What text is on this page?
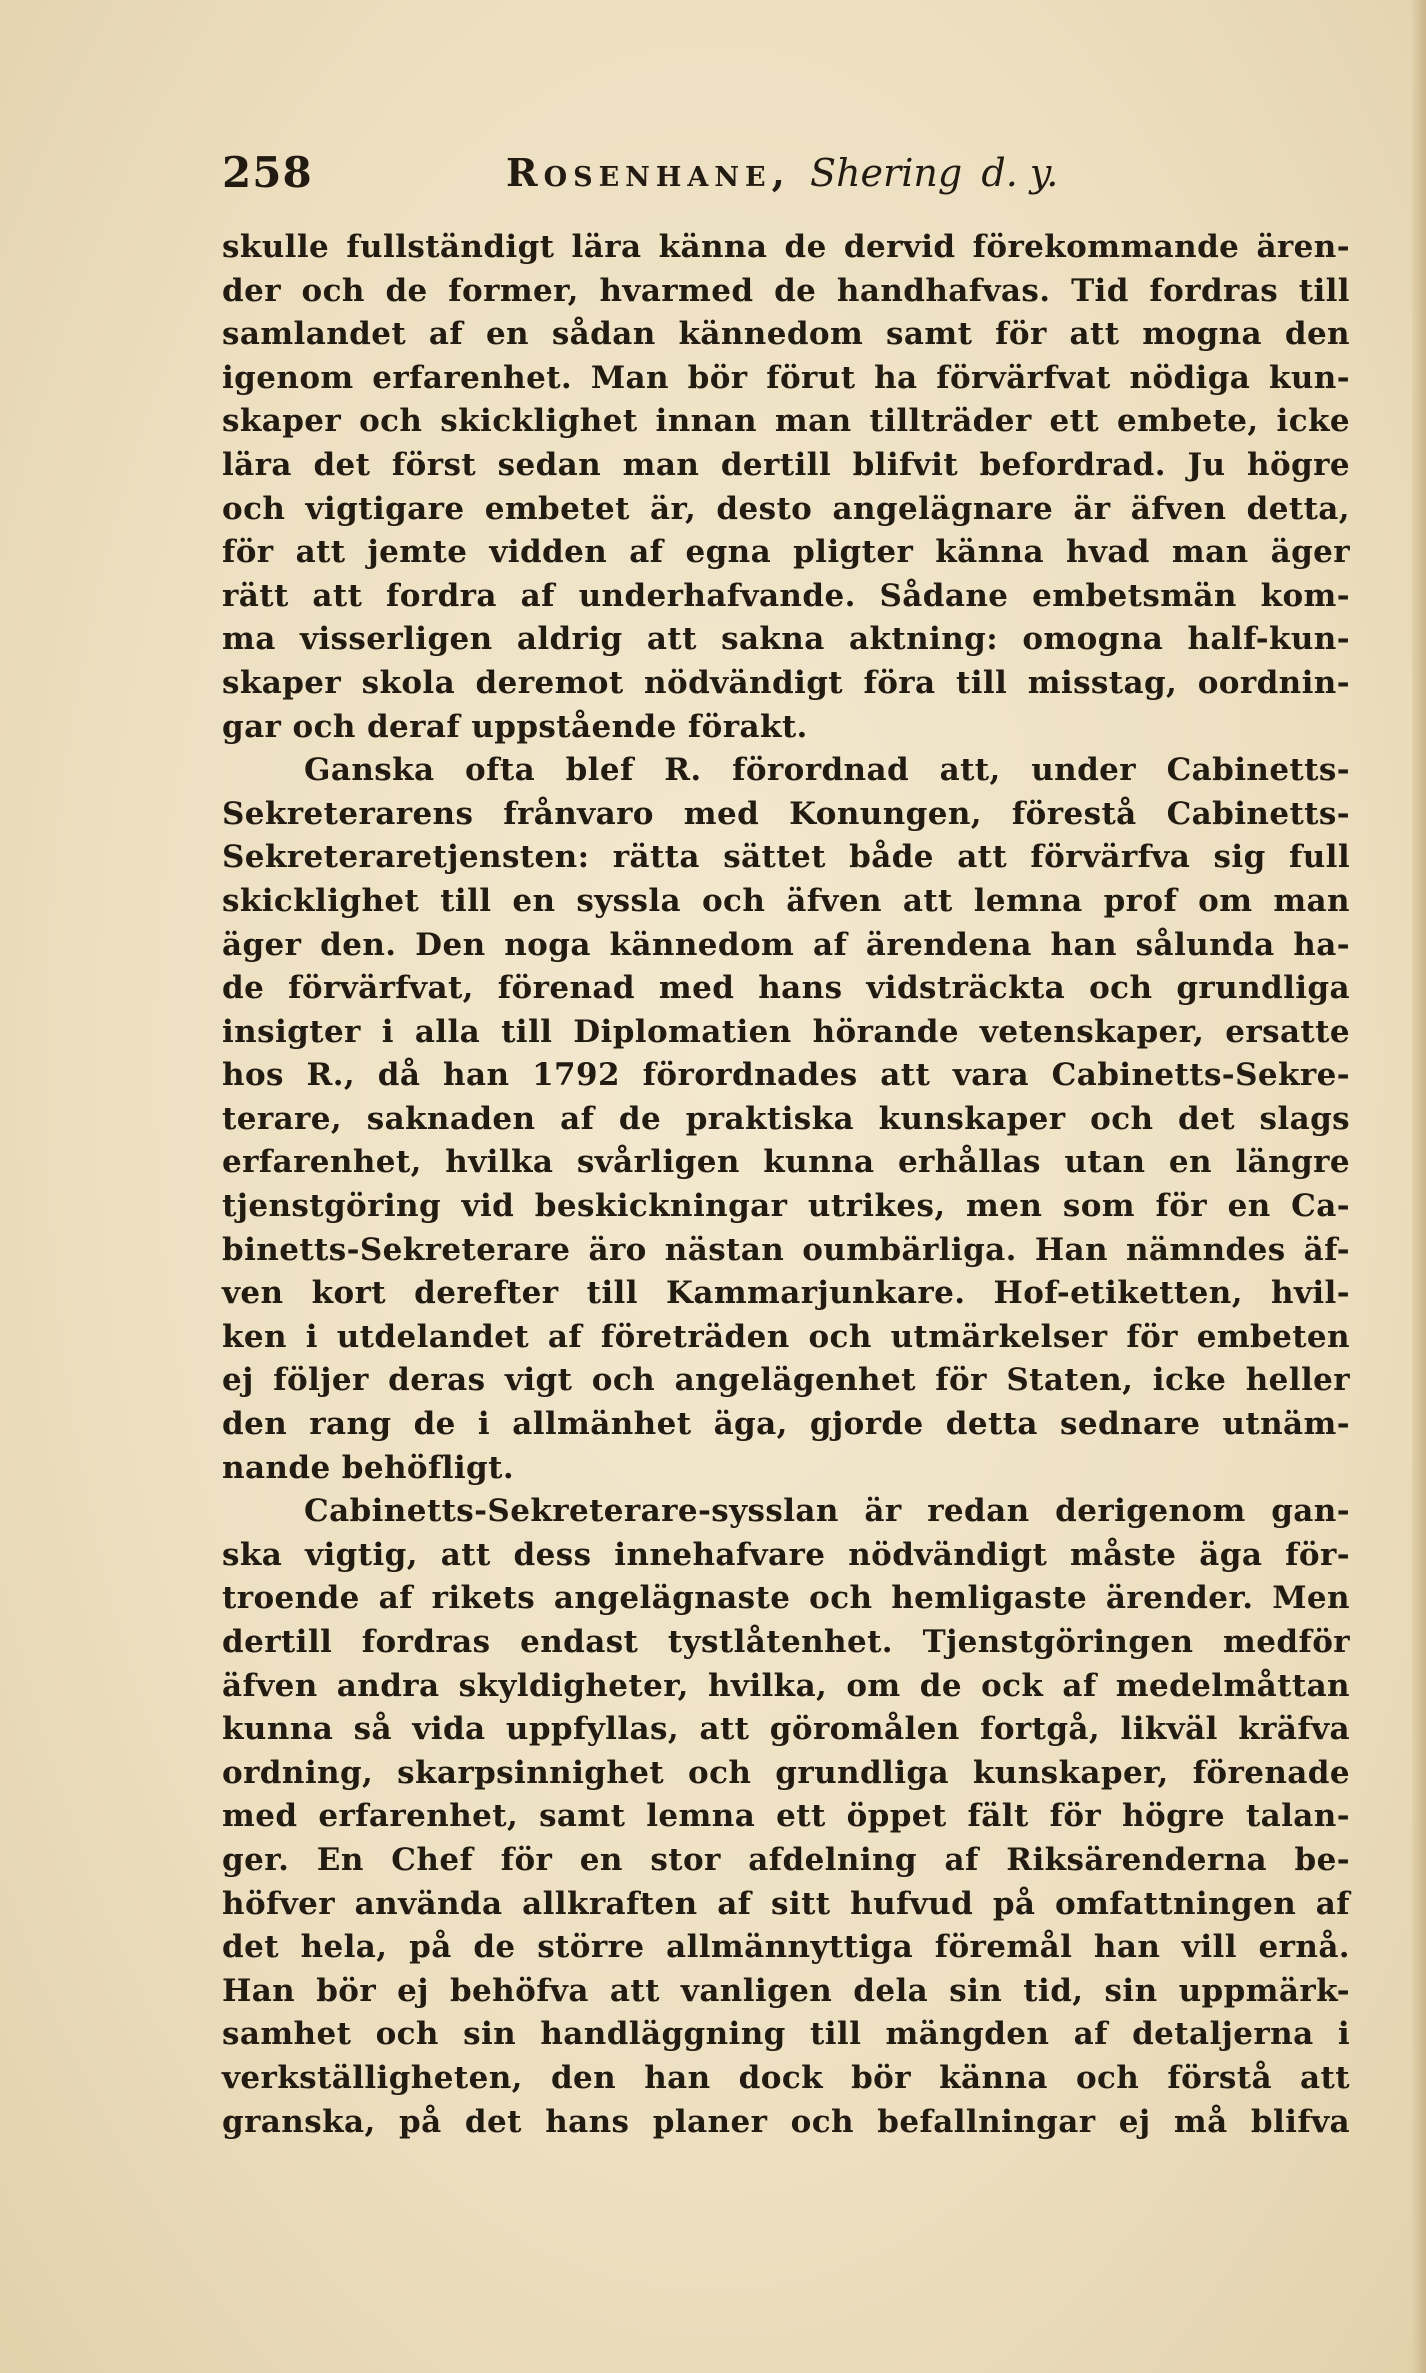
258	Rosenhane, Shering d. y.
skulle fullständigt lära känna de dervid förekommande ären-
der och de former, hvarmed de handhafvas. Tid fordras till
samlandet af en sådan kännedom samt för att mogna den
igenom erfarenhet. Man bör förut ha förvärfvat nödiga kun-
skaper och skicklighet innan man tillträder ett embete, icke
lära det först sedan man dertill blifvit befordrad. Ju högre
och vigtigare embetet är, desto angelägnare är äfven detta,
för att jemte vidden af egna pligter känna hvad man äger
rätt att fordra af underhafvande. Sådane embetsmän kom-
ma visserligen aldrig att sakna aktning: omogna half-kun-
skaper skola deremot nödvändigt föra till misstag, oordnin-
gar och deraf uppstående förakt.
Ganska ofta blef R. förordnad att, under Cabinetts-
Sekreterarens frånvaro med Konungen, förestå Cabinetts-
Sekreteraretjensten: rätta sättet både att förvärfva sig full
skicklighet till en syssla och äfven att lemna prof om man
äger den. Den noga kännedom af ärendena han sålunda ha-
de förvärfvat, förenad med hans vidsträckta och grundliga
insigter i alla till Diplomatien hörande vetenskaper, ersatte
hos R., då han 1792 förordnades att vara Cabinetts-Sekre-
terare, saknaden af de praktiska kunskaper och det slags
erfarenhet, hvilka svårligen kunna erhållas utan en längre
tjenstgöring vid beskickningar utrikes, men som för en Ca-
binetts-Sekreterare äro nästan oumbärliga. Han nämndes äf-
ven kort derefter till Kammarjunkare. Hof-etiketten, hvil-
ken i utdelandet af företräden och utmärkelser för embeten
ej följer deras vigt och angelägenhet för Staten, icke heller
den rang de i allmänhet äga, gjorde detta sednare utnäm-
nande behöfligt.
Cabinetts-Sekreterare-sysslan är redan derigenom gan-
ska vigtig, att dess innehafvare nödvändigt måste äga för-
troende af rikets angelägnaste och hemligaste ärender. Men
dertill fordras endast tystlåtenhet. Tjenstgöringen medför
äfven andra skyldigheter, hvilka, om de ock af medelmåttan
kunna så vida uppfyllas, att göromålen fortgå, likväl kräfva
ordning, skarpsinnighet och grundliga kunskaper, förenade
med erfarenhet, samt lemna ett öppet fält för högre talan-
ger. En Chef för en stor afdelning af Riksärenderna be-
höfver använda allkraften af sitt hufvud på omfattningen af
det hela, på de större allmännyttiga föremål han vill ernå.
Han bör ej behöfva att vanligen dela sin tid, sin uppmärk-
samhet och sin handläggning till mängden af detaljerna i
verkställigheten, den han dock bör känna och förstå att
granska, på det hans planer och befallningar ej må blifva
